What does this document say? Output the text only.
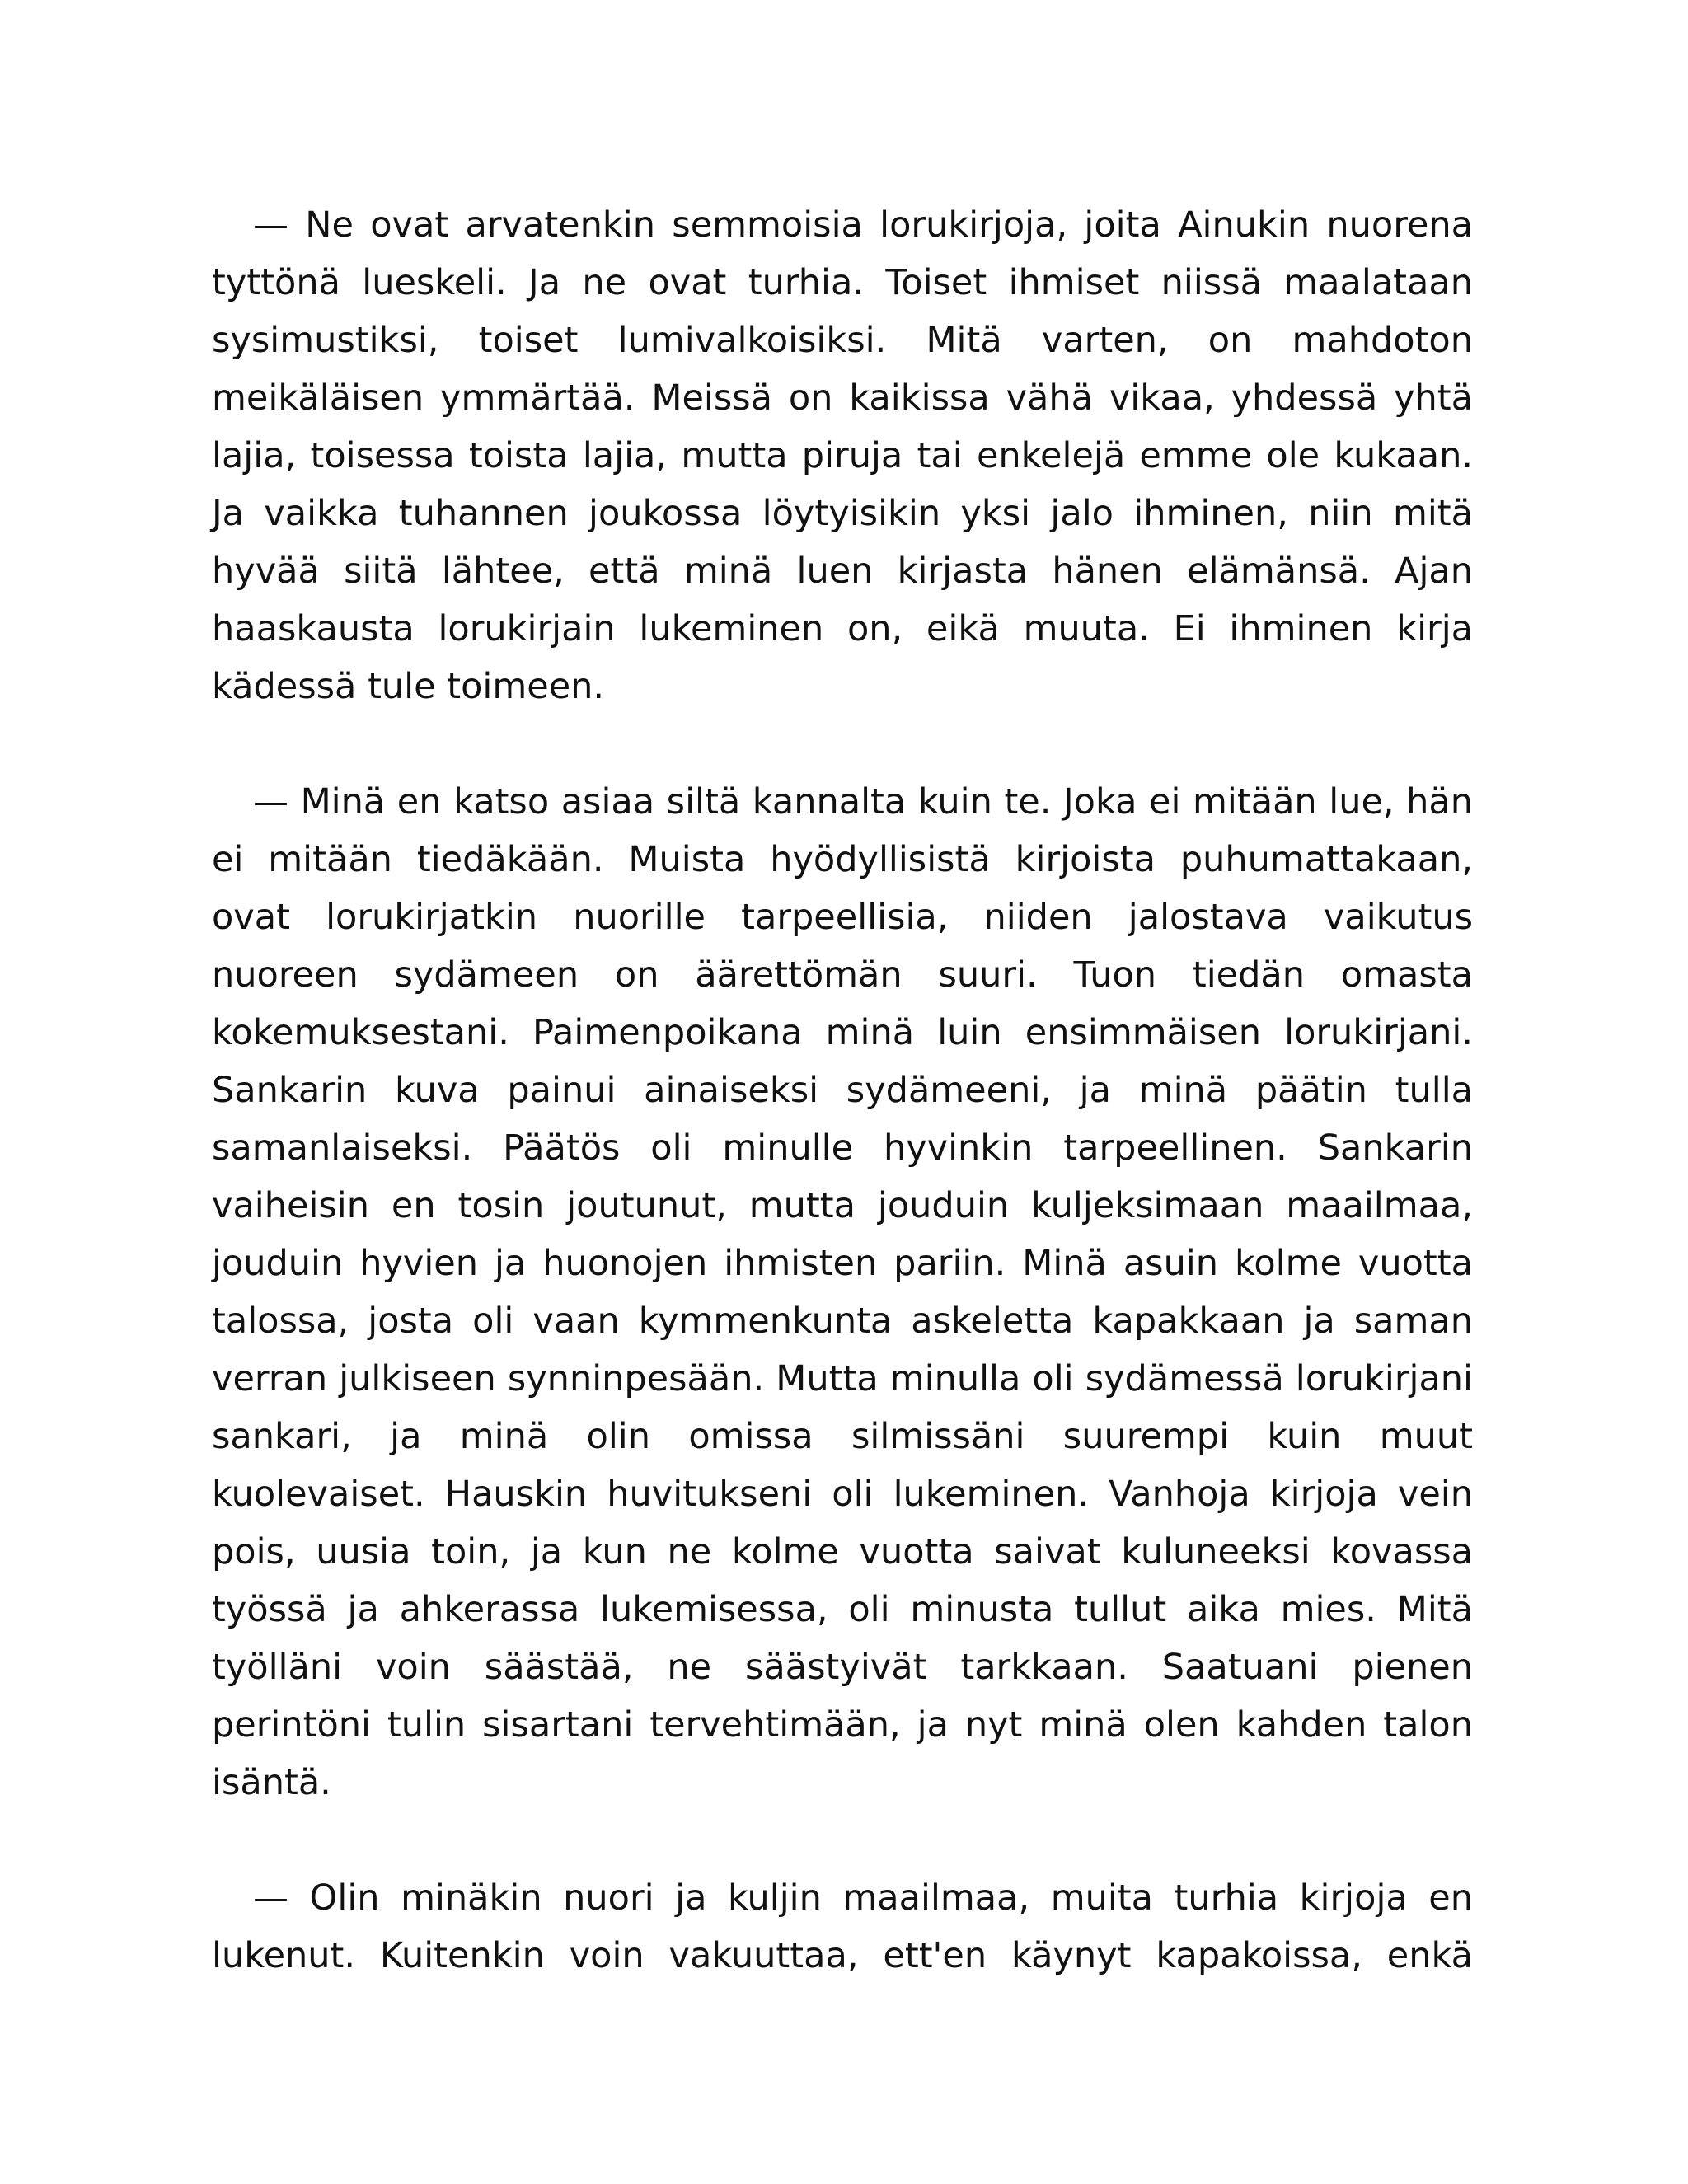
— Ne ovat arvatenkin semmoisia lorukirjoja, joita Ainukin nuorena tyttönä lueskeli. Ja ne ovat turhia. Toiset ihmiset niissä maalataan sysimustiksi, toiset lumivalkoisiksi. Mitä varten, on mahdoton meikäläisen ymmärtää. Meissä on kaikissa vähä vikaa, yhdessä yhtä lajia, toisessa toista lajia, mutta piruja tai enkelejä emme ole kukaan. Ja vaikka tuhannen joukossa löytyisikin yksi jalo ihminen, niin mitä hyvää siitä lähtee, että minä luen kirjasta hänen elämänsä. Ajan haaskausta lorukirjain lukeminen on, eikä muuta. Ei ihminen kirja kädessä tule toimeen.

— Minä en katso asiaa siltä kannalta kuin te. Joka ei mitään lue, hän ei mitään tiedäkään. Muista hyödyllisistä kirjoista puhumattakaan, ovat lorukirjatkin nuorille tarpeellisia, niiden jalostava vaikutus nuoreen sydämeen on äärettömän suuri. Tuon tiedän omasta kokemuksestani. Paimenpoikana minä luin ensimmäisen lorukirjani. Sankarin kuva painui ainaiseksi sydämeeni, ja minä päätin tulla samanlaiseksi. Päätös oli minulle hyvinkin tarpeellinen. Sankarin vaiheisin en tosin joutunut, mutta jouduin kuljeksimaan maailmaa, jouduin hyvien ja huonojen ihmisten pariin. Minä asuin kolme vuotta talossa, josta oli vaan kymmenkunta askeletta kapakkaan ja saman verran julkiseen synninpesään. Mutta minulla oli sydämessä lorukirjani sankari, ja minä olin omissa silmissäni suurempi kuin muut kuolevaiset. Hauskin huvitukseni oli lukeminen. Vanhoja kirjoja vein pois, uusia toin, ja kun ne kolme vuotta saivat kuluneeksi kovassa työssä ja ahkerassa lukemisessa, oli minusta tullut aika mies. Mitä työlläni voin säästää, ne säästyivät tarkkaan. Saatuani pienen perintöni tulin sisartani tervehtimään, ja nyt minä olen kahden talon isäntä.

— Olin minäkin nuori ja kuljin maailmaa, muita turhia kirjoja en lukenut. Kuitenkin voin vakuuttaa, ett'en käynyt kapakoissa, enkä
